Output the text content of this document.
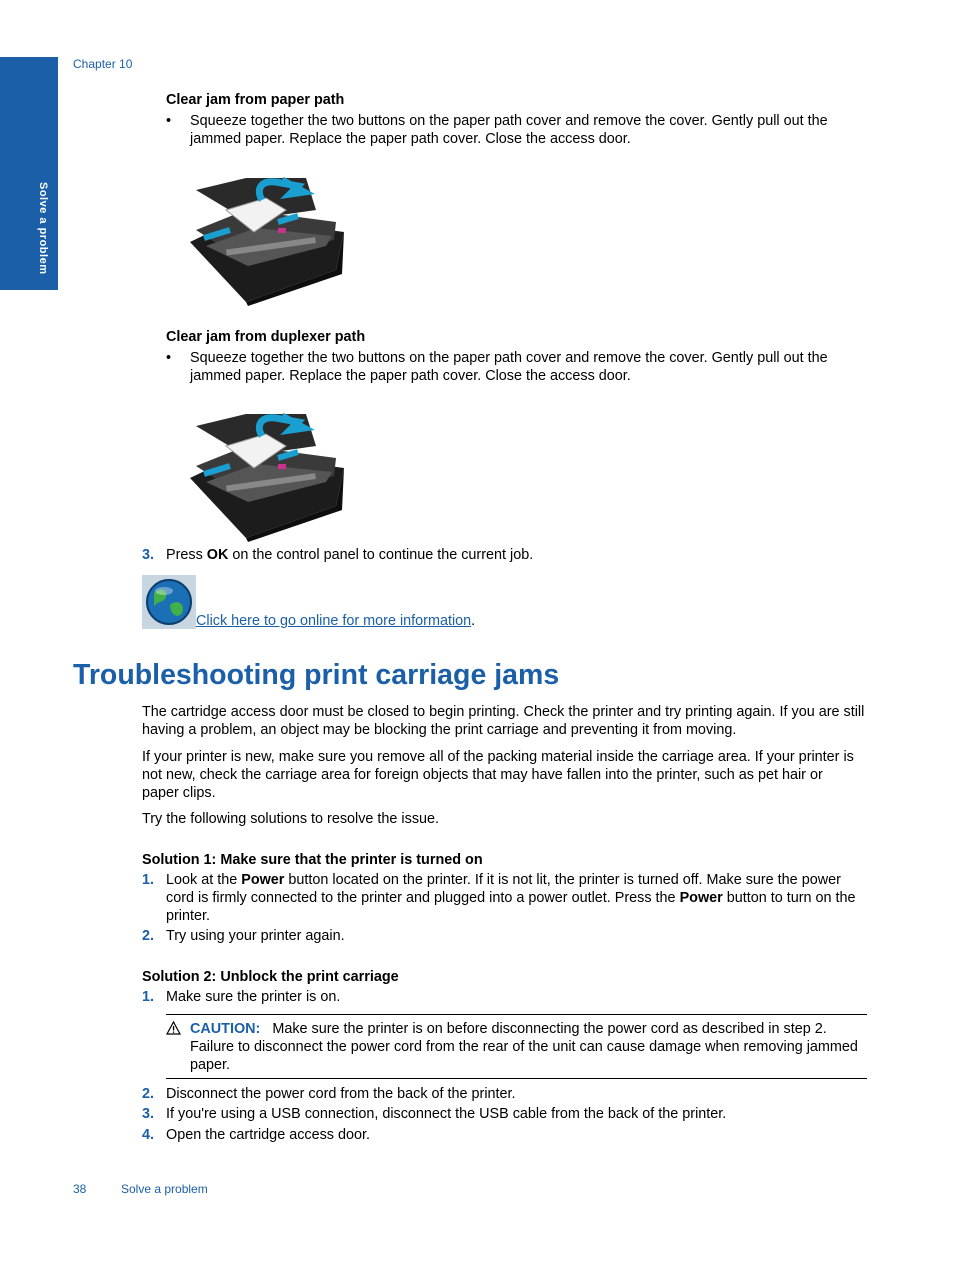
Chapter 10
Solve a problem
Clear jam from paper path
• Squeeze together the two buttons on the paper path cover and remove the cover. Gently pull out the
jammed paper. Replace the paper path cover. Close the access door.
Clear jam from duplexer path
• Squeeze together the two buttons on the paper path cover and remove the cover. Gently pull out the
jammed paper. Replace the paper path cover. Close the access door.
3. Press OK on the control panel to continue the current job.
Click here to go online for more information.
Troubleshooting print carriage jams
The cartridge access door must be closed to begin printing. Check the printer and try printing again. If you are still
having a problem, an object may be blocking the print carriage and preventing it from moving.
If your printer is new, make sure you remove all of the packing material inside the carriage area. If your printer is
not new, check the carriage area for foreign objects that may have fallen into the printer, such as pet hair or
paper clips.
Try the following solutions to resolve the issue.
Solution 1: Make sure that the printer is turned on
1. Look at the Power button located on the printer. If it is not lit, the printer is turned off. Make sure the power
cord is firmly connected to the printer and plugged into a power outlet. Press the Power button to turn on the
printer.
2. Try using your printer again.
Solution 2: Unblock the print carriage
1. Make sure the printer is on.
CAUTION: Make sure the printer is on before disconnecting the power cord as described in step 2.
Failure to disconnect the power cord from the rear of the unit can cause damage when removing jammed
paper.
2. Disconnect the power cord from the back of the printer.
3. If you're using a USB connection, disconnect the USB cable from the back of the printer.
4. Open the cartridge access door.
38	Solve a problem
